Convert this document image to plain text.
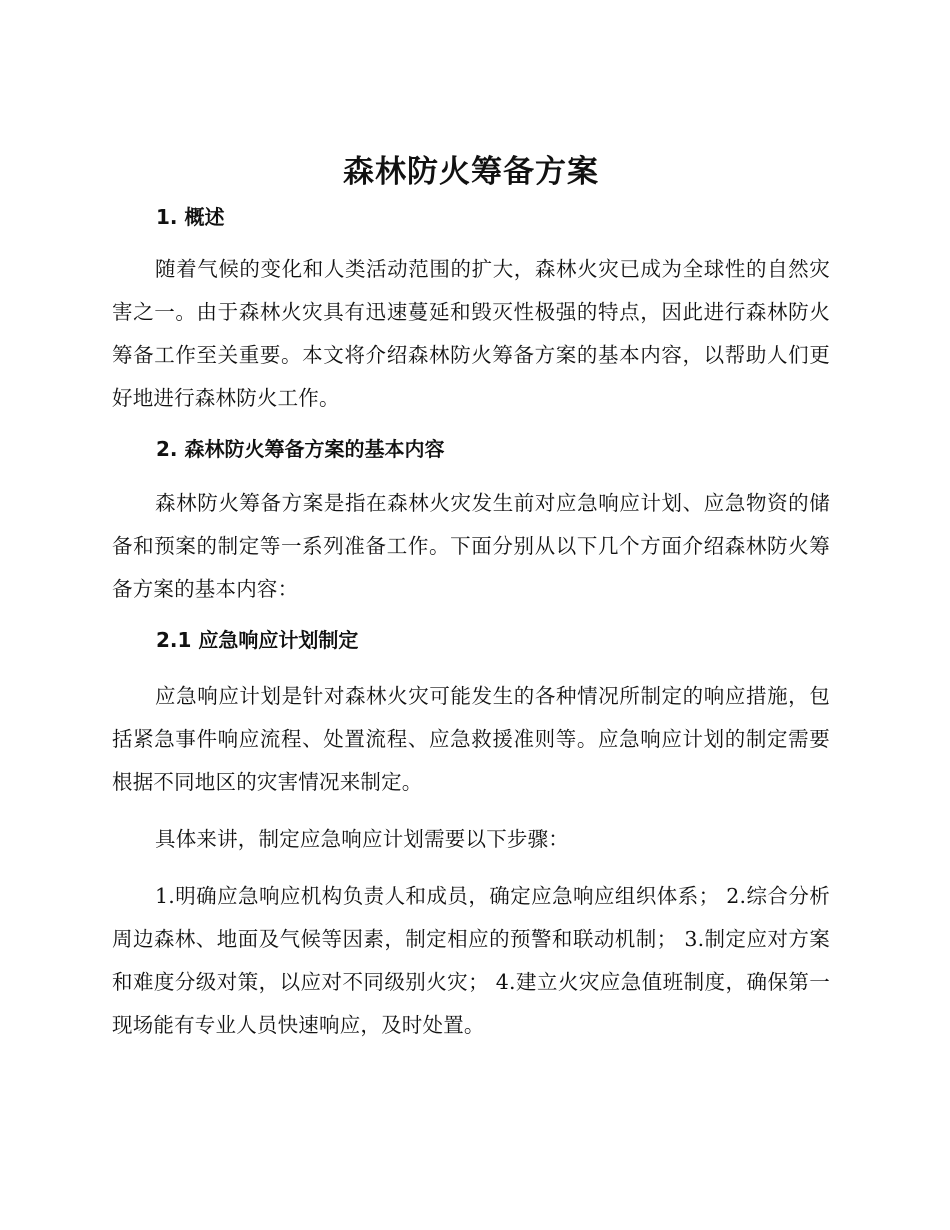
森林防火筹备方案
1. 概述

随着气候的变化和人类活动范围的扩大，森林火灾已成为全球性的自然灾害之一。由于森林火灾具有迅速蔓延和毁灭性极强的特点，因此进行森林防火筹备工作至关重要。本文将介绍森林防火筹备方案的基本内容，以帮助人们更好地进行森林防火工作。

2. 森林防火筹备方案的基本内容

森林防火筹备方案是指在森林火灾发生前对应急响应计划、应急物资的储备和预案的制定等一系列准备工作。下面分别从以下几个方面介绍森林防火筹备方案的基本内容：

2.1 应急响应计划制定

应急响应计划是针对森林火灾可能发生的各种情况所制定的响应措施，包括紧急事件响应流程、处置流程、应急救援准则等。应急响应计划的制定需要根据不同地区的灾害情况来制定。

具体来讲，制定应急响应计划需要以下步骤：

1.明确应急响应机构负责人和成员，确定应急响应组织体系； 2.综合分析周边森林、地面及气候等因素，制定相应的预警和联动机制； 3.制定应对方案和难度分级对策，以应对不同级别火灾； 4.建立火灾应急值班制度，确保第一现场能有专业人员快速响应，及时处置。
